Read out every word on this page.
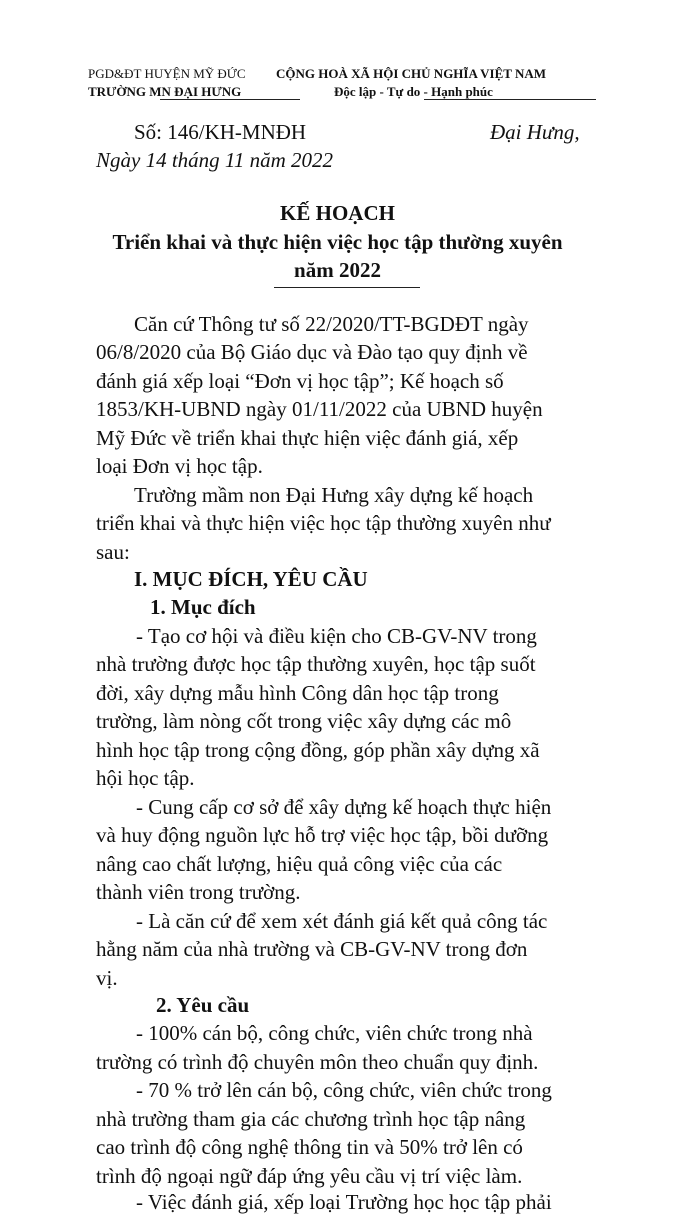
PGD&ĐT HUYỆN MỸ ĐỨC CỘNG HOÀ XÃ HỘI CHỦ NGHĨA VIỆT NAM
TRƯỜNG MN ĐẠI HƯNG	Độc lập - Tự do - Hạnh phúc
Số: 146/KH-MNĐH	Đại Hưng,
Ngày 14 tháng 11 năm 2022
KẾ HOẠCH
Triển khai và thực hiện việc học tập thường xuyên
năm 2022
Căn cứ Thông tư số 22/2020/TT-BGDĐT ngày
06/8/2020 của Bộ Giáo dục và Đào tạo quy định về
đánh giá xếp loại “Đơn vị học tập”; Kế hoạch số
1853/KH-UBND ngày 01/11/2022 của UBND huyện
Mỹ Đức về triển khai thực hiện việc đánh giá, xếp
loại Đơn vị học tập.
Trường mầm non Đại Hưng xây dựng kế hoạch
triển khai và thực hiện việc học tập thường xuyên như
sau:
I. MỤC ĐÍCH, YÊU CẦU
1. Mục đích
- Tạo cơ hội và điều kiện cho CB-GV-NV trong
nhà trường được học tập thường xuyên, học tập suốt
đời, xây dựng mẫu hình Công dân học tập trong
trường, làm nòng cốt trong việc xây dựng các mô
hình học tập trong cộng đồng, góp phần xây dựng xã
hội học tập.
- Cung cấp cơ sở để xây dựng kế hoạch thực hiện
và huy động nguồn lực hỗ trợ việc học tập, bồi dưỡng
nâng cao chất lượng, hiệu quả công việc của các
thành viên trong trường.
- Là căn cứ để xem xét đánh giá kết quả công tác
hằng năm của nhà trường và CB-GV-NV trong đơn
vị.
2. Yêu cầu
- 100% cán bộ, công chức, viên chức trong nhà
trường có trình độ chuyên môn theo chuẩn quy định.
- 70 % trở lên cán bộ, công chức, viên chức trong
nhà trường tham gia các chương trình học tập nâng
cao trình độ công nghệ thông tin và 50% trở lên có
trình độ ngoại ngữ đáp ứng yêu cầu vị trí việc làm.
- Việc đánh giá, xếp loại Trường học học tập phải
